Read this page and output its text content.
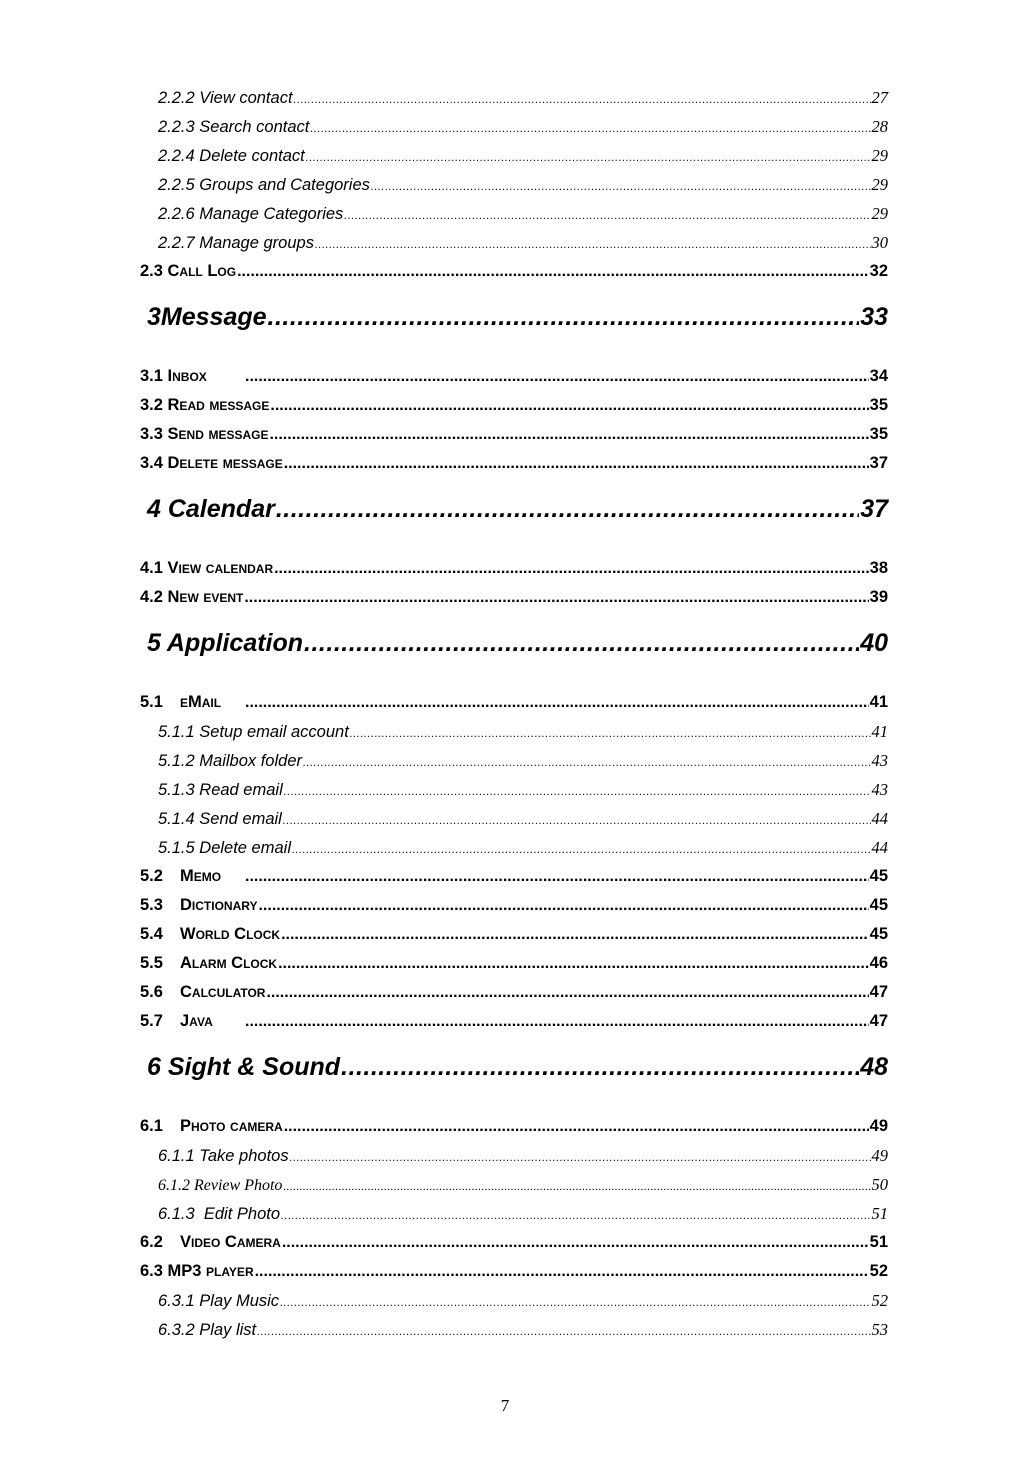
2.2.2 View contact .....	27
2.2.3 Search contact .....	28
2.2.4 Delete contact .....	29
2.2.5 Groups and Categories .....	29
2.2.6 Manage Categories .....	29
2.2.7 Manage groups .....	30
2.3 Call Log .....	32
3Message .....	33
3.1 Inbox .....	34
3.2 Read message .....	35
3.3 Send message .....	35
3.4 Delete message .....	37
4 Calendar .....	37
4.1 View calendar .....	38
4.2 New event .....	39
5 Application .....	40
5.1 eMail .....	41
5.1.1 Setup email account .....	41
5.1.2 Mailbox folder .....	43
5.1.3 Read email .....	43
5.1.4 Send email .....	44
5.1.5 Delete email .....	44
5.2 Memo .....	45
5.3 Dictionary .....	45
5.4 World Clock .....	45
5.5 Alarm Clock .....	46
5.6 Calculator .....	47
5.7 Java .....	47
6 Sight & Sound .....	48
6.1 Photo camera .....	49
6.1.1 Take photos .....	49
6.1.2 Review Photo .....	50
6.1.3  Edit Photo .....	51
6.2 Video Camera .....	51
6.3 MP3 player .....	52
6.3.1 Play Music .....	52
6.3.2 Play list .....	53
7
